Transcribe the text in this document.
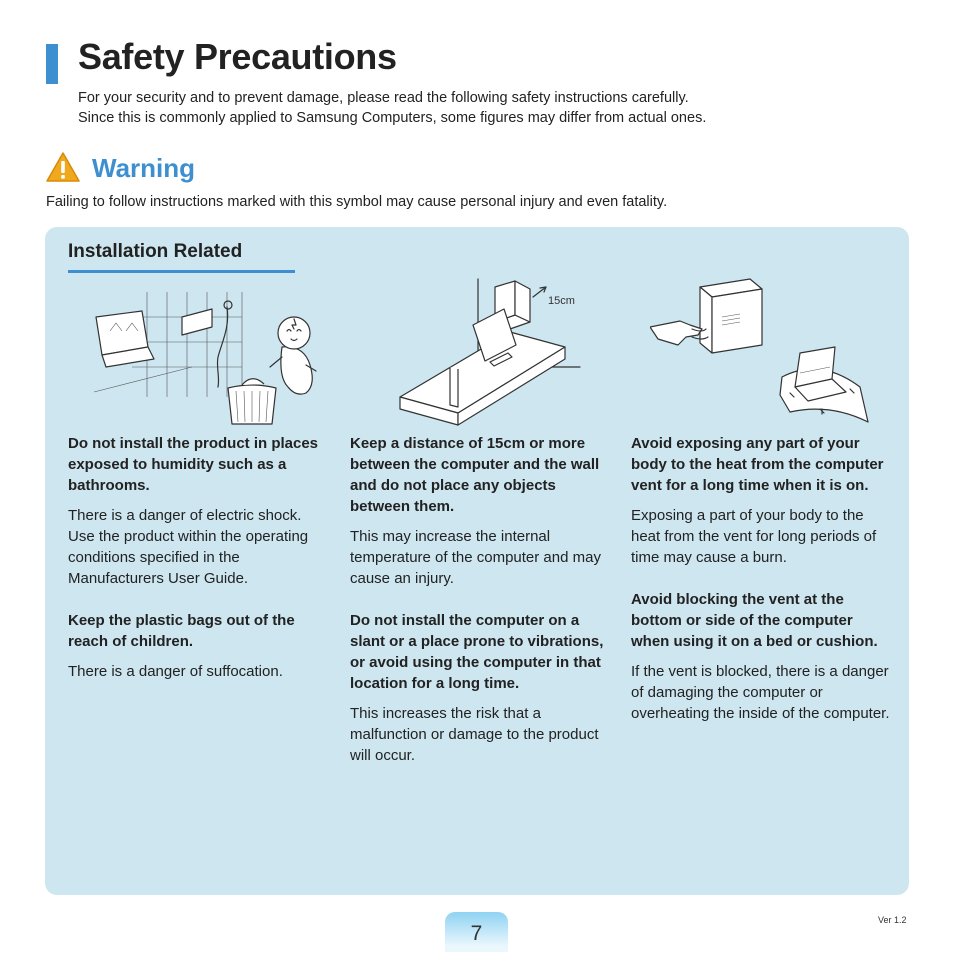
Safety Precautions
For your security and to prevent damage, please read the following safety instructions carefully.
Since this is commonly applied to Samsung Computers, some figures may differ from actual ones.
Warning
Failing to follow instructions marked with this symbol may cause personal injury and even fatality.
Installation Related
15cm

Do not install the product in places exposed to humidity such as a bathrooms.

There is a danger of electric shock. Use the product within the operating conditions specified in the Manufacturers User Guide.

Keep the plastic bags out of the reach of children.

There is a danger of suffocation.

Keep a distance of 15cm or more between the computer and the wall and do not place any objects between them.

This may increase the internal temperature of the computer and may cause an injury.

Do not install the computer on a slant or a place prone to vibrations, or avoid using the computer in that location for a long time.

This increases the risk that a malfunction or damage to the product will occur.

Avoid exposing any part of your body to the heat from the computer vent for a long time when it is on.

Exposing a part of your body to the heat from the vent for long periods of time may cause a burn.

Avoid blocking the vent at the bottom or side of the computer when using it on a bed or cushion.

If the vent is blocked, there is a danger of damaging the computer or overheating the inside of the computer.

7
Ver 1.2
